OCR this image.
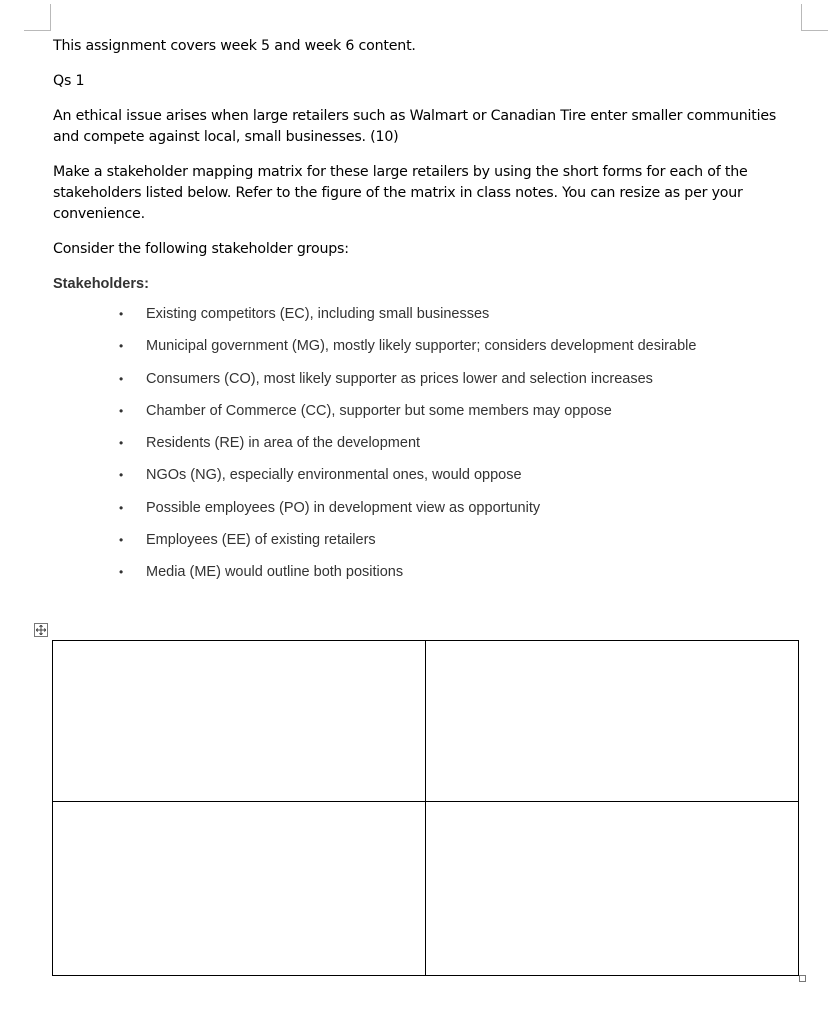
This assignment covers week 5 and week 6 content.

Qs 1

An ethical issue arises when large retailers such as Walmart or Canadian Tire enter smaller communities and compete against local, small businesses. (10)

Make a stakeholder mapping matrix for these large retailers by using the short forms for each of the stakeholders listed below. Refer to the figure of the matrix in class notes. You can resize as per your convenience.

Consider the following stakeholder groups:

Stakeholders:

• Existing competitors (EC), including small businesses
• Municipal government (MG), mostly likely supporter; considers development desirable
• Consumers (CO), most likely supporter as prices lower and selection increases
• Chamber of Commerce (CC), supporter but some members may oppose
• Residents (RE) in area of the development
• NGOs (NG), especially environmental ones, would oppose
• Possible employees (PO) in development view as opportunity
• Employees (EE) of existing retailers
• Media (ME) would outline both positions
